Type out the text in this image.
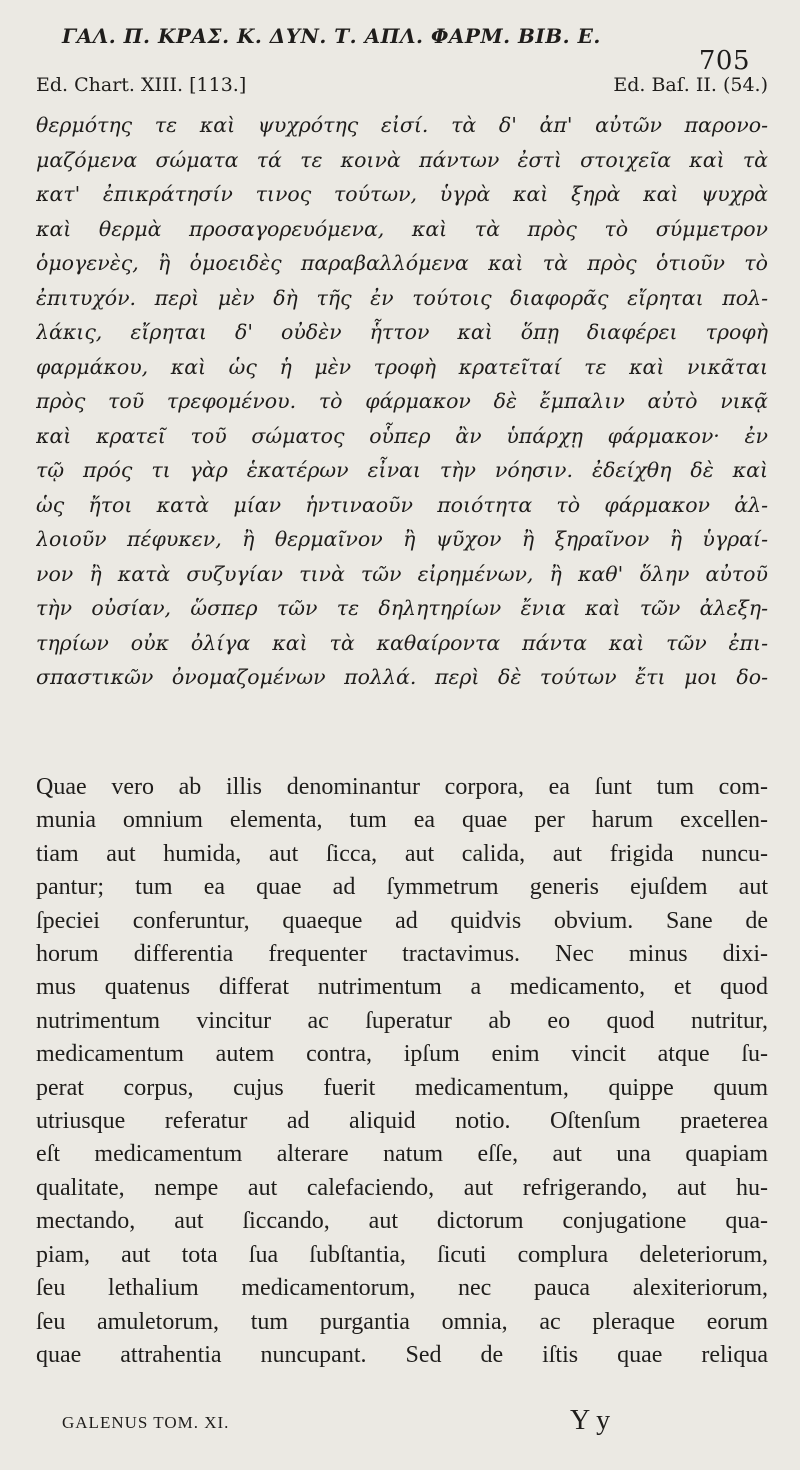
ΓΑΛ. Π. ΚΡΑΣ. Κ. ΔΥΝ. Τ. ΑΠΛ. ΦΑΡΜ. ΒΙΒ. Ε.
705
Ed. Chart. XIII. [113.]	Ed. Baſ. II. (54.)
θερμότης τε καὶ ψυχρότης εἰσί. τὰ δ' ἀπ' αὐτῶν παρονο-
μαζόμενα σώματα τά τε κοινὰ πάντων ἐστὶ στοιχεῖα καὶ τὰ
κατ' ἐπικράτησίν τινος τούτων, ὑγρὰ καὶ ξηρὰ καὶ ψυχρὰ
καὶ θερμὰ προσαγορευόμενα, καὶ τὰ πρὸς τὸ σύμμετρον
ὁμογενὲς, ἢ ὁμοειδὲς παραβαλλόμενα καὶ τὰ πρὸς ὁτιοῦν τὸ
ἐπιτυχόν. περὶ μὲν δὴ τῆς ἐν τούτοις διαφορᾶς εἴρηται πολ-
λάκις, εἴρηται δ' οὐδὲν ἧττον καὶ ὅπῃ διαφέρει τροφὴ
φαρμάκου, καὶ ὡς ἡ μὲν τροφὴ κρατεῖταί τε καὶ νικᾶται
πρὸς τοῦ τρεφομένου. τὸ φάρμακον δὲ ἔμπαλιν αὐτὸ νικᾷ
καὶ κρατεῖ τοῦ σώματος οὗπερ ἂν ὑπάρχῃ φάρμακον· ἐν
τῷ πρός τι γὰρ ἑκατέρων εἶναι τὴν νόησιν. ἐδείχθη δὲ καὶ
ὡς ἤτοι κατὰ μίαν ἡντιναοῦν ποιότητα τὸ φάρμακον ἀλ-
λοιοῦν πέφυκεν, ἢ θερμαῖνον ἢ ψῦχον ἢ ξηραῖνον ἢ ὑγραί-
νον ἢ κατὰ συζυγίαν τινὰ τῶν εἰρημένων, ἢ καθ' ὅλην αὐτοῦ
τὴν οὐσίαν, ὥσπερ τῶν τε δηλητηρίων ἔνια καὶ τῶν ἀλεξη-
τηρίων οὐκ ὀλίγα καὶ τὰ καθαίροντα πάντα καὶ τῶν ἐπι-
σπαστικῶν ὀνομαζομένων πολλά. περὶ δὲ τούτων ἔτι μοι δο-
Quae vero ab illis denominantur corpora, ea ſunt tum com-
munia omnium elementa, tum ea quae per harum excellen-
tiam aut humida, aut ſicca, aut calida, aut frigida nuncu-
pantur; tum ea quae ad ſymmetrum generis ejuſdem aut
ſpeciei conferuntur, quaeque ad quidvis obvium. Sane de
horum differentia frequenter tractavimus. Nec minus dixi-
mus quatenus differat nutrimentum a medicamento, et quod
nutrimentum vincitur ac ſuperatur ab eo quod nutritur,
medicamentum autem contra, ipſum enim vincit atque ſu-
perat corpus, cujus fuerit medicamentum, quippe quum
utriusque referatur ad aliquid notio. Oſtenſum praeterea
eſt medicamentum alterare natum eſſe, aut una quapiam
qualitate, nempe aut calefaciendo, aut refrigerando, aut hu-
mectando, aut ſiccando, aut dictorum conjugatione qua-
piam, aut tota ſua ſubſtantia, ſicuti complura deleteriorum,
ſeu lethalium medicamentorum, nec pauca alexiteriorum,
ſeu amuletorum, tum purgantia omnia, ac pleraque eorum
quae attrahentia nuncupant. Sed de iſtis quae reliqua
GALENUS TOM. XI.	Y y
